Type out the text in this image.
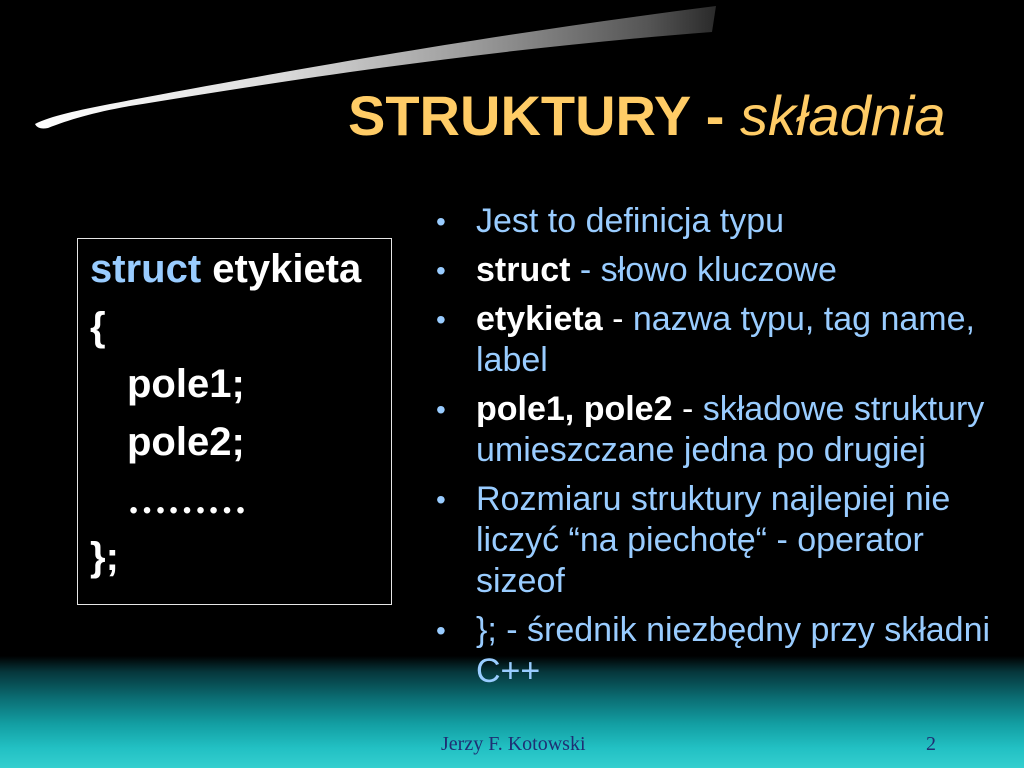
STRUKTURY - składnia
struct etykieta
{
pole1;
pole2;
………
};
• Jest to definicja typu
• struct - słowo kluczowe
• etykieta - nazwa typu, tag name, label
• pole1, pole2 - składowe struktury umieszczane jedna po drugiej
• Rozmiaru struktury najlepiej nie liczyć “na piechotę“ - operator sizeof
• }; - średnik niezbędny przy składni C++
Jerzy F. Kotowski	2
